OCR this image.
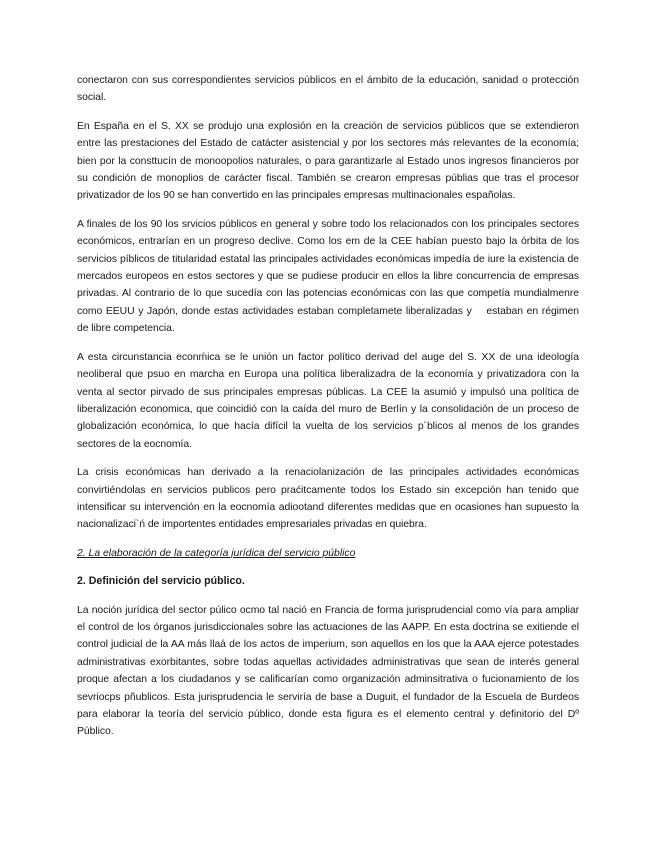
conectaron con sus correspondientes servicios públicos en el ámbito de la educación, sanidad o protección social.

En España en el S. XX se produjo una explosión en la creación de servicios públicos que se extendieron entre las prestaciones del Estado de catácter asistencial y por los sectores más relevantes de la economía; bien por la consttucín de monoopolios naturales, o para garantizarle al Estado unos ingresos financieros por su condición de monoplios de carácter fiscal. También se crearon empresas públias que tras el procesor privatizador de los 90 se han convertido en las principales empresas multinacionales españolas.

A finales de los 90 los srvicios públicos en general y sobre todo los relacionados con los principales sectores económicos, entrarían en un progreso declive. Como los em de la CEE habían puesto bajo la órbita de los servicios píblicos de titularidad estatal las principales actividades económicas impedía de iure la existencia de mercados europeos en estos sectores y que se pudiese producir en ellos la libre concurrencia de empresas privadas. Al contrario de lo que sucedía con las potencias económicas con las que competía mundialmenre como EEUU y Japón, donde estas actividades estaban completamete liberalizadas y    estaban en régimen de libre competencia.

A esta circunstancia econḿica se le unión un factor político derivad del auge del S. XX de una ideología neoliberal que psuo en marcha en Europa una política liberalizadra de la economía y privatizadora con la venta al sector pirvado de sus principales empresas públicas. La CEE la asumió y impulsó una política de liberalización economica, que coincidió con la caída del muro de Berlín y la consolidación de un proceso de globalización económica, lo que hacía difícil la vuelta de los servicios p´blicos al menos de los grandes sectores de la eocnomía.

La crisis económicas han derivado a la renaciolanización de las principales actividades económicas convirtiéndolas en servicios publicos pero praćitcamente todos los Estado sin excepción han tenido que intensificar su intervención en la eocnomía adiootand diferentes medidas que en ocasiones han supuesto la nacionalizaci`ń de importentes entidades empresariales privadas en quiebra.

2. La elaboración de la categoría jurídica del servicio público

2. Definición del servicio público.

La noción jurídica del sector púlico ocmo tal nació en Francia de forma jurisprudencial como vía para ampliar el control de los órganos jurisdiccionales sobre las actuaciones de las AAPP. En esta doctrina se exitiende el control judicial de la AA más llaá de los actos de imperium, son aquellos en los que la AAA ejerce potestades administrativas exorbitantes, sobre todas aquellas actividades administrativas que sean de interés general proque afectan a los ciudadanos y se calificarían como organización adminsitrativa o fucionamiento de los sevriocps pñublicos. Esta jurisprudencia le serviría de base a Duguit, el fundador de la Escuela de Burdeos para elaborar la teoría del servicio público, donde esta figura es el elemento central y definitorio del Dº Público.
